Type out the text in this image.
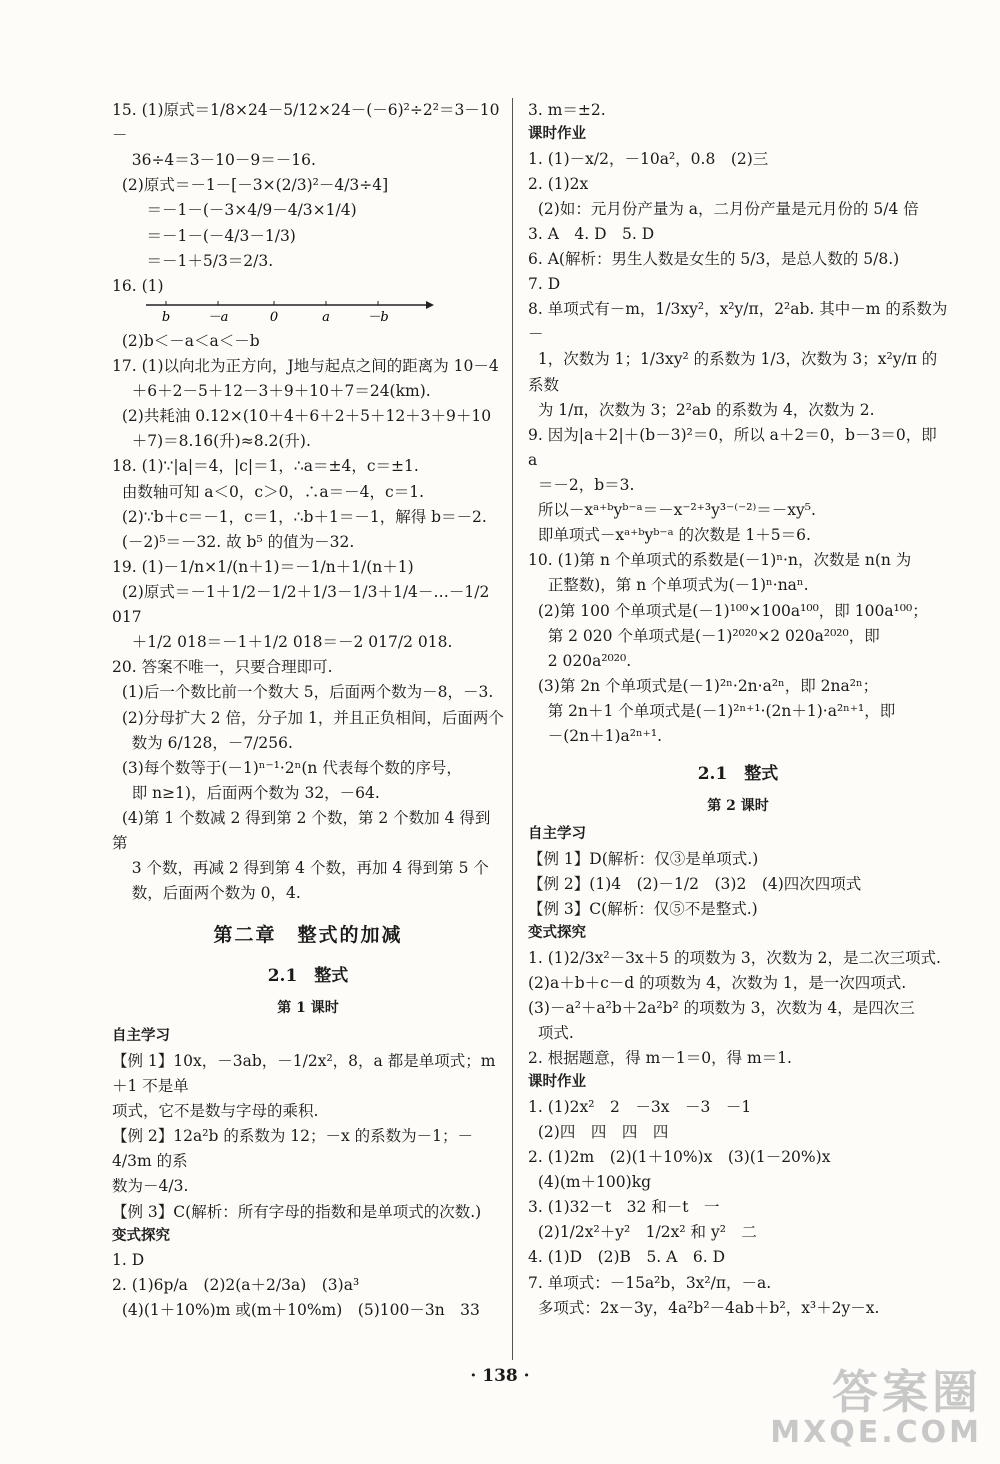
15. (1)原式＝1/8×24－5/12×24－(－6)²÷2²＝3－10－
36÷4＝3－10－9＝－16.
(2)原式＝－1－[－3×(2/3)²－4/3÷4]
＝－1－(－3×4/9－4/3×1/4)
＝－1－(－4/3－1/3)
＝－1＋5/3＝2/3.
16. (1)
b	－a	0	a	－b
(2)b＜－a＜a＜－b
17. (1)以向北为正方向，J地与起点之间的距离为 10－4
＋6＋2－5＋12－3＋9＋10＋7＝24(km).
(2)共耗油 0.12×(10＋4＋6＋2＋5＋12＋3＋9＋10
＋7)＝8.16(升)≈8.2(升).
18. (1)∵|a|＝4，|c|＝1，∴a＝±4，c＝±1.
由数轴可知 a＜0，c＞0，∴a＝－4，c＝1.
(2)∵b＋c＝－1，c＝1，∴b＋1＝－1，解得 b＝－2.
(－2)⁵＝－32. 故 b⁵ 的值为－32.
19. (1)－1/n×1/(n＋1)＝－1/n＋1/(n＋1)
(2)原式＝－1＋1/2－1/2＋1/3－1/3＋1/4－…－1/2 017
＋1/2 018＝－1＋1/2 018＝－2 017/2 018.
20. 答案不唯一，只要合理即可.
(1)后一个数比前一个数大 5，后面两个数为－8，－3.
(2)分母扩大 2 倍，分子加 1，并且正负相间，后面两个
数为 6/128，－7/256.
(3)每个数等于(－1)ⁿ⁻¹·2ⁿ(n 代表每个数的序号，
即 n≥1)，后面两个数为 32，－64.
(4)第 1 个数减 2 得到第 2 个数，第 2 个数加 4 得到第
3 个数，再减 2 得到第 4 个数，再加 4 得到第 5 个
数，后面两个数为 0，4.
第二章　整式的加减
2.1　整式
第 1 课时
自主学习
【例 1】10x，－3ab，－1/2x²，8，a 都是单项式；m＋1 不是单
项式，它不是数与字母的乘积.
【例 2】12a²b 的系数为 12；－x 的系数为－1；－4/3m 的系
数为－4/3.
【例 3】C(解析：所有字母的指数和是单项式的次数.)
变式探究
1. D
2. (1)6p/a　(2)2(a＋2/3a)　(3)a³
(4)(1＋10%)m 或(m＋10%m)　(5)100－3n　33
3. m＝±2.
课时作业
1. (1)－x/2，－10a²，0.8　(2)三
2. (1)2x
(2)如：元月份产量为 a，二月份产量是元月份的 5/4 倍
3. A　4. D　5. D
6. A(解析：男生人数是女生的 5/3，是总人数的 5/8.)
7. D
8. 单项式有－m，1/3xy²，x²y/π，2²ab. 其中－m 的系数为－
1，次数为 1；1/3xy² 的系数为 1/3，次数为 3；x²y/π 的系数
为 1/π，次数为 3；2²ab 的系数为 4，次数为 2.
9. 因为|a＋2|＋(b－3)²＝0，所以 a＋2＝0，b－3＝0，即 a
＝－2，b＝3.
所以－xᵃ⁺ᵇyᵇ⁻ᵃ＝－x⁻²⁺³y³⁻⁽⁻²⁾＝－xy⁵.
即单项式－xᵃ⁺ᵇyᵇ⁻ᵃ 的次数是 1＋5＝6.
10. (1)第 n 个单项式的系数是(－1)ⁿ·n，次数是 n(n 为
正整数)，第 n 个单项式为(－1)ⁿ·naⁿ.
(2)第 100 个单项式是(－1)¹⁰⁰×100a¹⁰⁰，即 100a¹⁰⁰；
第 2 020 个单项式是(－1)²⁰²⁰×2 020a²⁰²⁰，即
2 020a²⁰²⁰.
(3)第 2n 个单项式是(－1)²ⁿ·2n·a²ⁿ，即 2na²ⁿ；
第 2n＋1 个单项式是(－1)²ⁿ⁺¹·(2n＋1)·a²ⁿ⁺¹，即
－(2n＋1)a²ⁿ⁺¹.
2.1　整式
第 2 课时
自主学习
【例 1】D(解析：仅③是单项式.)
【例 2】(1)4　(2)－1/2　(3)2　(4)四次四项式
【例 3】C(解析：仅⑤不是整式.)
变式探究
1. (1)2/3x²－3x＋5 的项数为 3，次数为 2，是二次三项式.
(2)a＋b＋c－d 的项数为 4，次数为 1，是一次四项式.
(3)－a²＋a²b＋2a²b² 的项数为 3，次数为 4，是四次三
项式.
2. 根据题意，得 m－1＝0，得 m＝1.
课时作业
1. (1)2x²　2　－3x　－3　－1
(2)四　四　四　四
2. (1)2m　(2)(1＋10%)x　(3)(1－20%)x
(4)(m＋100)kg
3. (1)32－t　32 和－t　一
(2)1/2x²＋y²　1/2x² 和 y²　二
4. (1)D　(2)B　5. A　6. D
7. 单项式：－15a²b，3x²/π，－a.
多项式：2x－3y，4a²b²－4ab＋b²，x³＋2y－x.
· 138 ·	答案圈
MXQE.COM
